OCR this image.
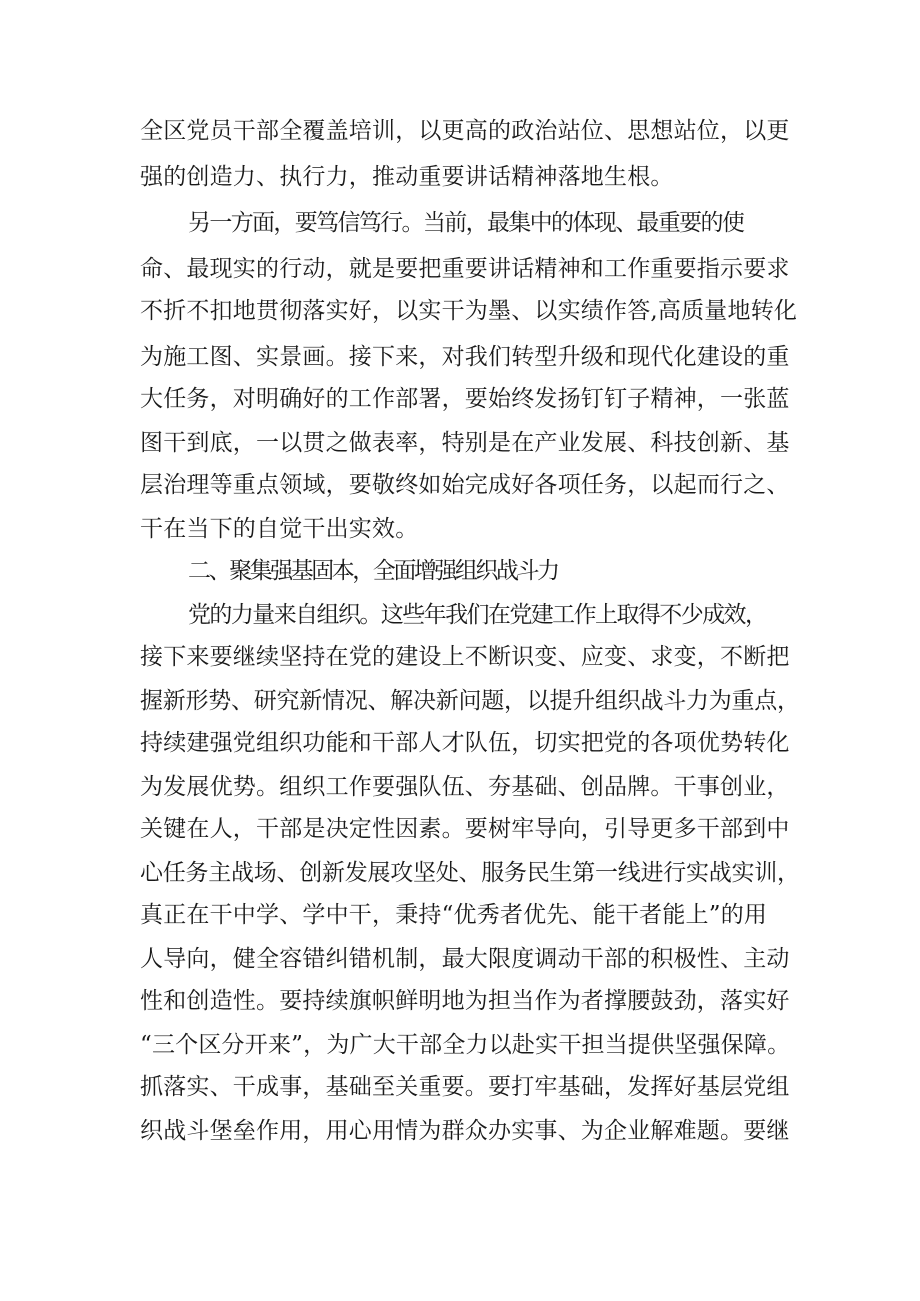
全区党员干部全覆盖培训，以更高的政治站位、思想站位，以更
强的创造力、执行力，推动重要讲话精神落地生根。
另一方面，要笃信笃行。当前，最集中的体现、最重要的使
命、最现实的行动，就是要把重要讲话精神和工作重要指示要求
不折不扣地贯彻落实好，以实干为墨、以实绩作答,高质量地转化
为施工图、实景画。接下来，对我们转型升级和现代化建设的重
大任务，对明确好的工作部署，要始终发扬钉钉子精神，一张蓝
图干到底，一以贯之做表率，特别是在产业发展、科技创新、基
层治理等重点领域，要敬终如始完成好各项任务，以起而行之、
干在当下的自觉干出实效。
二、聚集强基固本，全面增强组织战斗力
党的力量来自组织。这些年我们在党建工作上取得不少成效，
接下来要继续坚持在党的建设上不断识变、应变、求变，不断把
握新形势、研究新情况、解决新问题，以提升组织战斗力为重点，
持续建强党组织功能和干部人才队伍，切实把党的各项优势转化
为发展优势。组织工作要强队伍、夯基础、创品牌。干事创业，
关键在人，干部是决定性因素。要树牢导向，引导更多干部到中
心任务主战场、创新发展攻坚处、服务民生第一线进行实战实训，
真正在干中学、学中干，秉持“优秀者优先、能干者能上”的用
人导向，健全容错纠错机制，最大限度调动干部的积极性、主动
性和创造性。要持续旗帜鲜明地为担当作为者撑腰鼓劲，落实好
“三个区分开来”，为广大干部全力以赴实干担当提供坚强保障。
抓落实、干成事，基础至关重要。要打牢基础，发挥好基层党组
织战斗堡垒作用，用心用情为群众办实事、为企业解难题。要继
